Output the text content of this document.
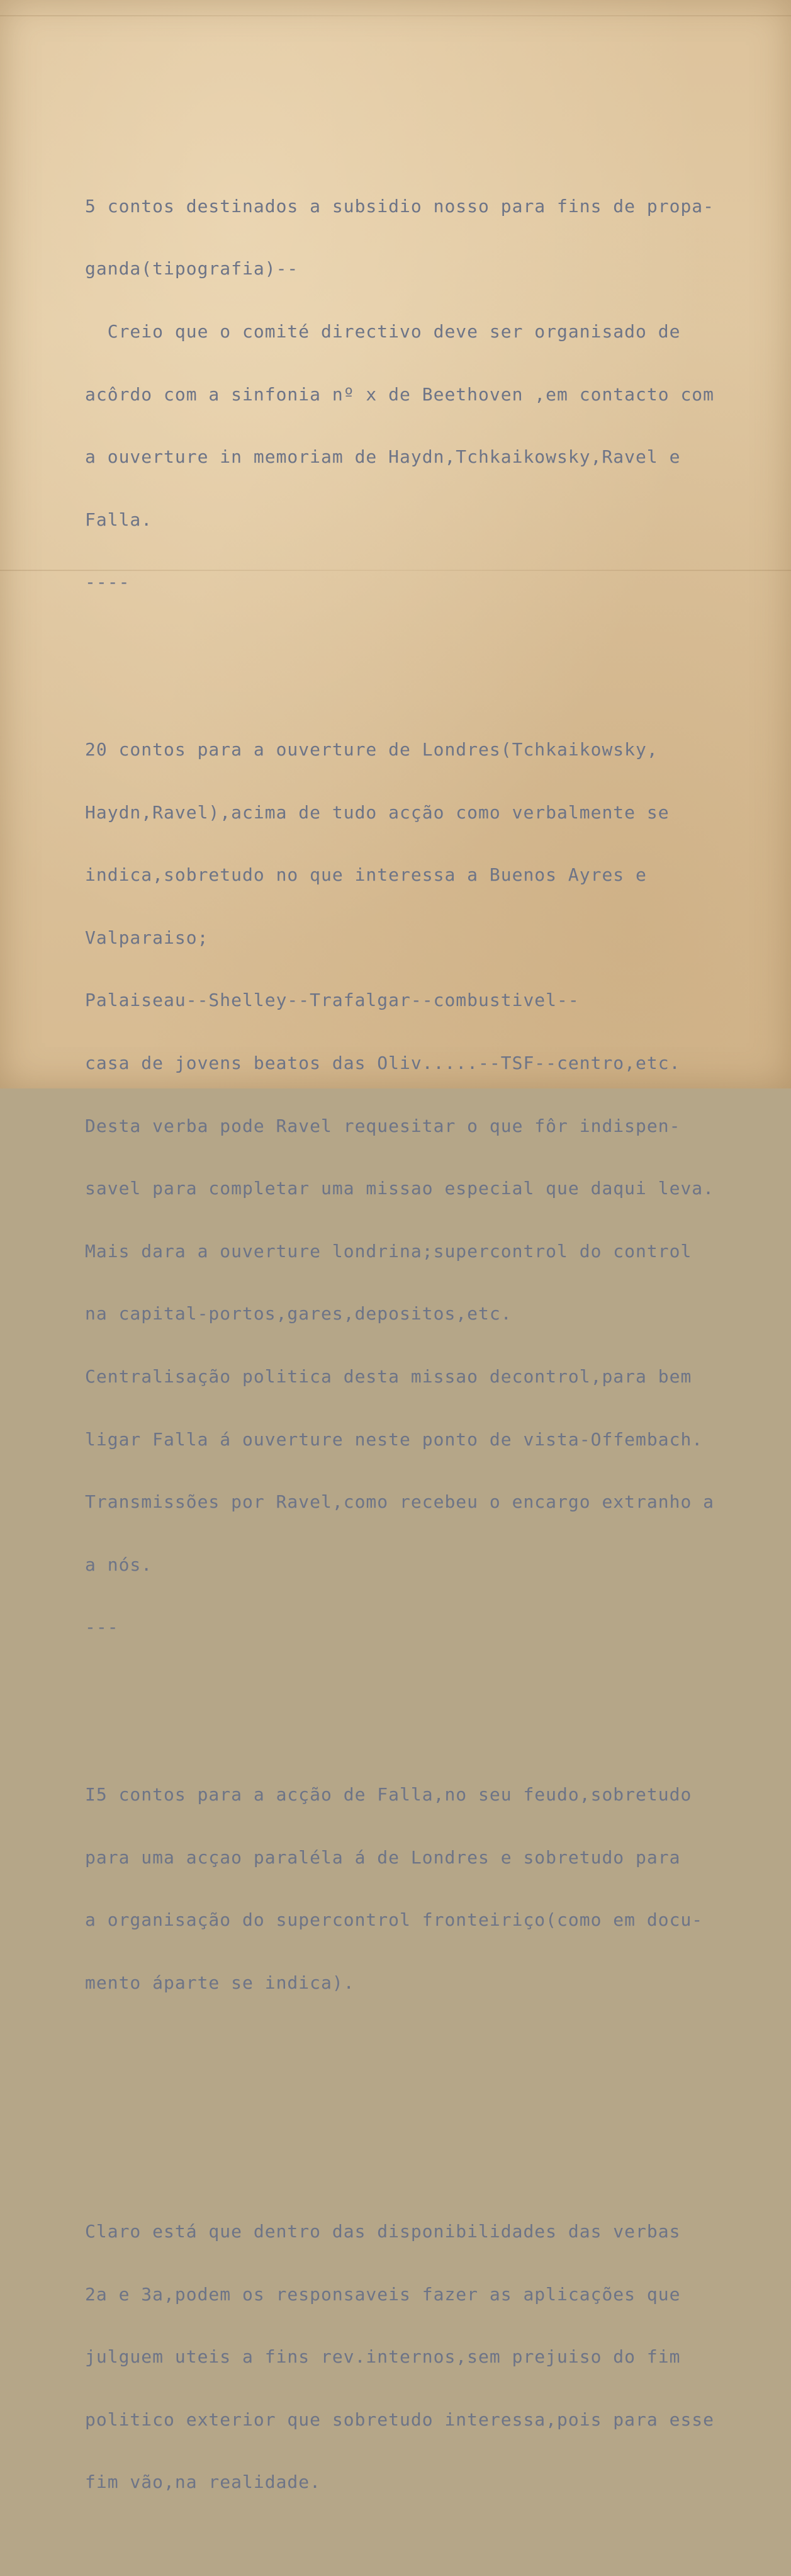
5 contos destinados a subsidio nosso para fins de propa-

ganda(tipografia)--

Creio que o comité directivo deve ser organisado de

acôrdo com a sinfonia nº x de Beethoven ,em contacto com

a ouverture in memoriam de Haydn,Tchkaikowsky,Ravel e

Falla.

----

20 contos para a ouverture de Londres(Tchkaikowsky,

Haydn,Ravel),acima de tudo acção como verbalmente se

indica,sobretudo no que interessa a Buenos Ayres e

Valparaiso;

Palaiseau--Shelley--Trafalgar--combustivel--

casa de jovens beatos das Oliv.....--TSF--centro,etc.

Desta verba pode Ravel requesitar o que fôr indispen-

savel para completar uma missao especial que daqui leva.

Mais dara a ouverture londrina;supercontrol do control

na capital-portos,gares,depositos,etc.

Centralisação politica desta missao decontrol,para bem

ligar Falla á ouverture neste ponto de vista-Offembach.

Transmissões por Ravel,como recebeu o encargo extranho a

a nós.

---

I5 contos para a acção de Falla,no seu feudo,sobretudo

para uma acçao paraléla á de Londres e sobretudo para

a organisação do supercontrol fronteiriço(como em docu-

mento áparte se indica).

Claro está que dentro das disponibilidades das verbas

2a e 3a,podem os responsaveis fazer as aplicações que

julguem uteis a fins rev.internos,sem prejuiso do fim

politico exterior que sobretudo interessa,pois para esse

fim vão,na realidade.
